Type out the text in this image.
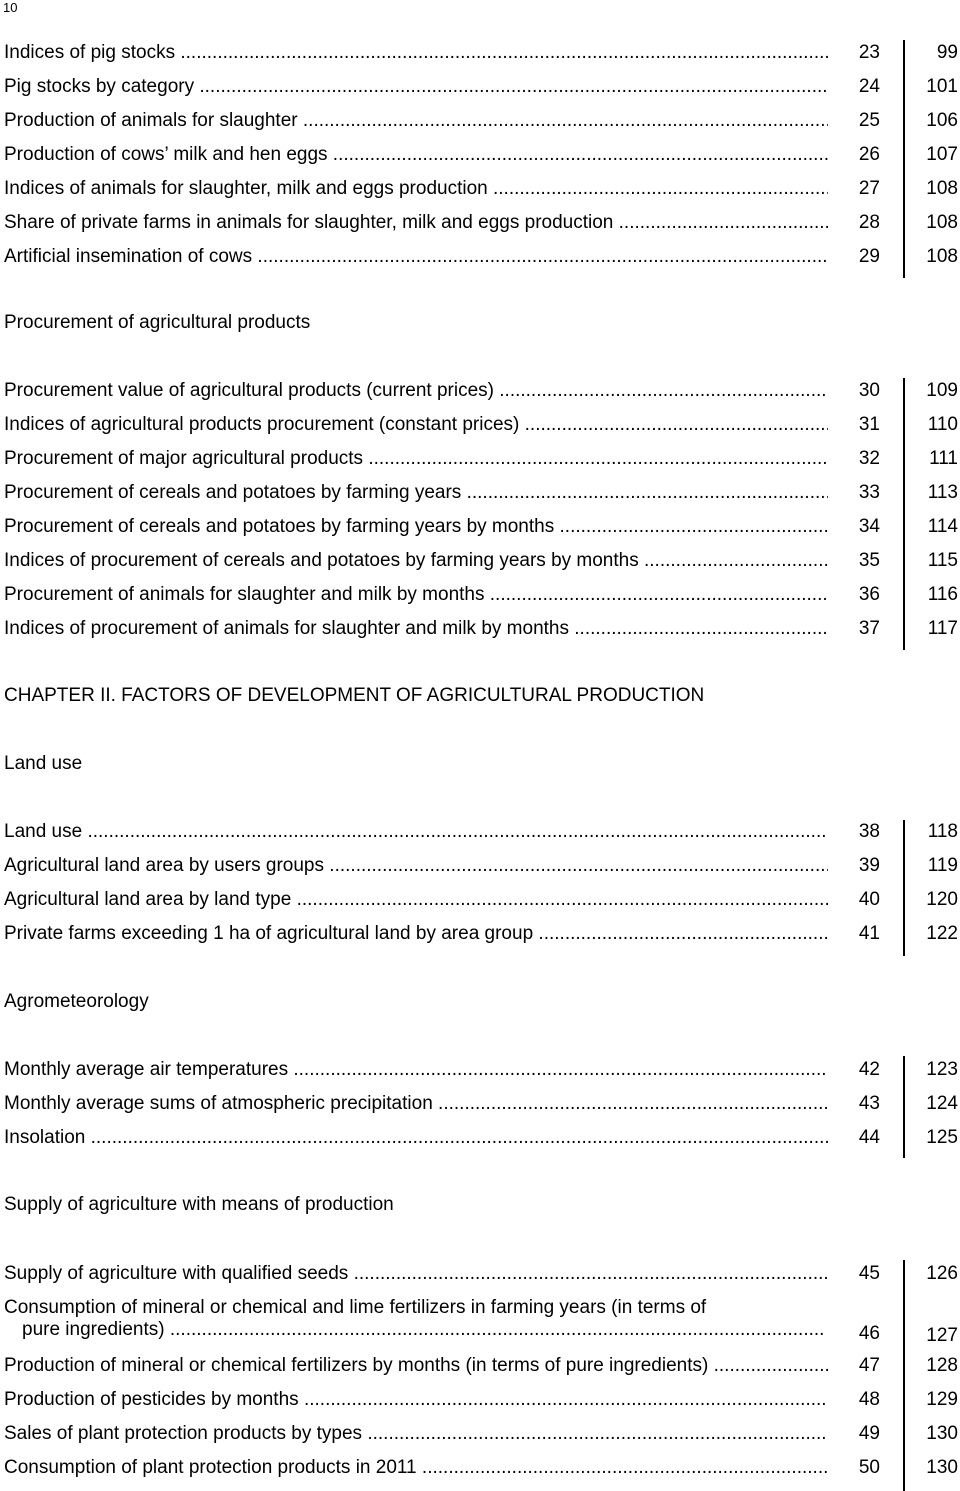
10
Indices of pig stocks .....	23	99
Pig stocks by category .....	24	101
Production of animals for slaughter .....	25	106
Production of cows’ milk and hen eggs .....	26	107
Indices of animals for slaughter, milk and eggs production .....	27	108
Share of private farms in animals for slaughter, milk and eggs production .....	28	108
Artificial insemination of cows .....	29	108
Procurement of agricultural products
Procurement value of agricultural products (current prices) .....	30	109
Indices of agricultural products procurement (constant prices) .....	31	110
Procurement of major agricultural products .....	32	111
Procurement of cereals and potatoes by farming years .....	33	113
Procurement of cereals and potatoes by farming years by months .....	34	114
Indices of procurement of cereals and potatoes by farming years by months .....	35	115
Procurement of animals for slaughter and milk by months .....	36	116
Indices of procurement of animals for slaughter and milk by months .....	37	117
CHAPTER II. FACTORS OF DEVELOPMENT OF AGRICULTURAL PRODUCTION
Land use
Land use .....	38	118
Agricultural land area by users groups .....	39	119
Agricultural land area by land type .....	40	120
Private farms exceeding 1 ha of agricultural land by area group .....	41	122
Agrometeorology
Monthly average air temperatures .....	42	123
Monthly average sums of atmospheric precipitation .....	43	124
Insolation .....	44	125
Supply of agriculture with means of production
Supply of agriculture with qualified seeds .....	45	126
Consumption of mineral or chemical and lime fertilizers in farming years (in terms of
pure ingredients) .....	46	127
Production of mineral or chemical fertilizers by months (in terms of pure ingredients) .....	47	128
Production of pesticides by months .....	48	129
Sales of plant protection products by types .....	49	130
Consumption of plant protection products in 2011 .....	50	130
